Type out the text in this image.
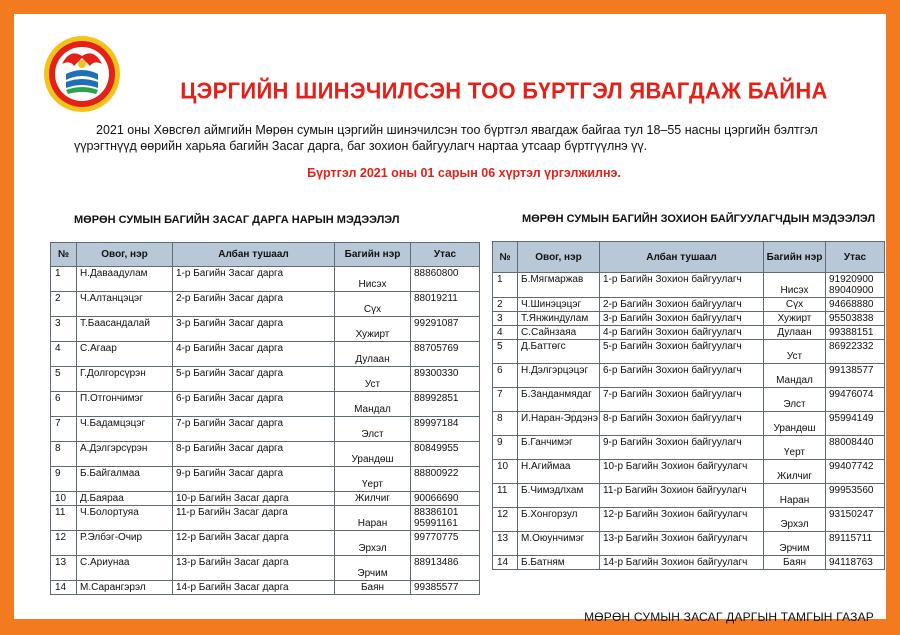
ЦЭРГИЙН ШИНЭЧИЛСЭН ТОО БҮРТГЭЛ ЯВАГДАЖ БАЙНА
2021 оны Хөвсгөл аймгийн Мөрөн сумын цэргийн шинэчилсэн тоо бүртгэл явагдаж байгаа тул 18–55 насны цэргийн бэлтгэл үүрэгтнүүд өөрийн харьяа багийн Засаг дарга, баг зохион байгуулагч нартаа утсаар бүртгүүлнэ үү.
Бүртгэл 2021 оны 01 сарын 06 хүртэл үргэлжилнэ.
МӨРӨН СУМЫН БАГИЙН ЗАСАГ ДАРГА НАРЫН МЭДЭЭЛЭЛ	МӨРӨН СУМЫН БАГИЙН ЗОХИОН БАЙГУУЛАГЧДЫН МЭДЭЭЛЭЛ
№	Овог, нэр	Албан тушаал	Багийн нэр	Утас
1	Н.Даваадулам	1-р Багийн Засаг дарга	Нисэх	88860800
2	Ч.Алтанцэцэг	2-р Багийн Засаг дарга	Сүх	88019211
3	Т.Баасандалай	3-р Багийн Засаг дарга	Хужирт	99291087
4	С.Агаар	4-р Багийн Засаг дарга	Дулаан	88705769
5	Г.Долгорсүрэн	5-р Багийн Засаг дарга	Уст	89300330
6	П.Отгончимэг	6-р Багийн Засаг дарга	Мандал	88992851
7	Ч.Бадамцэцэг	7-р Багийн Засаг дарга	Элст	89997184
8	А.Дэлгэрсүрэн	8-р Багийн Засаг дарга	Урандөш	80849955
9	Б.Байгалмаа	9-р Багийн Засаг дарга	Үерт	88800922
10	Д.Баяраа	10-р Багийн Засаг дарга	Жилчиг	90066690
11	Ч.Болортуяа	11-р Багийн Засаг дарга	Наран	88386101 95991161
12	Р.Элбэг-Очир	12-р Багийн Засаг дарга	Эрхэл	99770775
13	С.Ариунаа	13-р Багийн Засаг дарга	Эрчим	88913486
14	М.Сарангэрэл	14-р Багийн Засаг дарга	Баян	99385577
№	Овог, нэр	Албан тушаал	Багийн нэр	Утас
1	Б.Мягмаржав	1-р Багийн Зохион байгуулагч	Нисэх	91920900 89040900
2	Ч.Шинэцэцэг	2-р Багийн Зохион байгуулагч	Сүх	94668880
3	Т.Янжиндулам	3-р Багийн Зохион байгуулагч	Хужирт	95503838
4	С.Сайнзаяа	4-р Багийн Зохион байгуулагч	Дулаан	99388151
5	Д.Баттөгс	5-р Багийн Зохион байгуулагч	Уст	86922332
6	Н.Дэлгэрцэцэг	6-р Багийн Зохион байгуулагч	Мандал	99138577
7	Б.Занданмядаг	7-р Багийн Зохион байгуулагч	Элст	99476074
8	И.Наран-Эрдэнэ	8-р Багийн Зохион байгуулагч	Урандөш	95994149
9	Б.Ганчимэг	9-р Багийн Зохион байгуулагч	Үерт	88008440
10	Н.Агиймаа	10-р Багийн Зохион байгуулагч	Жилчиг	99407742
11	Б.Чимэдлхам	11-р Багийн Зохион байгуулагч	Наран	99953560
12	Б.Хонгорзул	12-р Багийн Зохион байгуулагч	Эрхэл	93150247
13	М.Оюунчимэг	13-р Багийн Зохион байгуулагч	Эрчим	89115711
14	Б.Батням	14-р Багийн Зохион байгуулагч	Баян	94118763
МӨРӨН СУМЫН ЗАСАГ ДАРГЫН ТАМГЫН ГАЗАР
